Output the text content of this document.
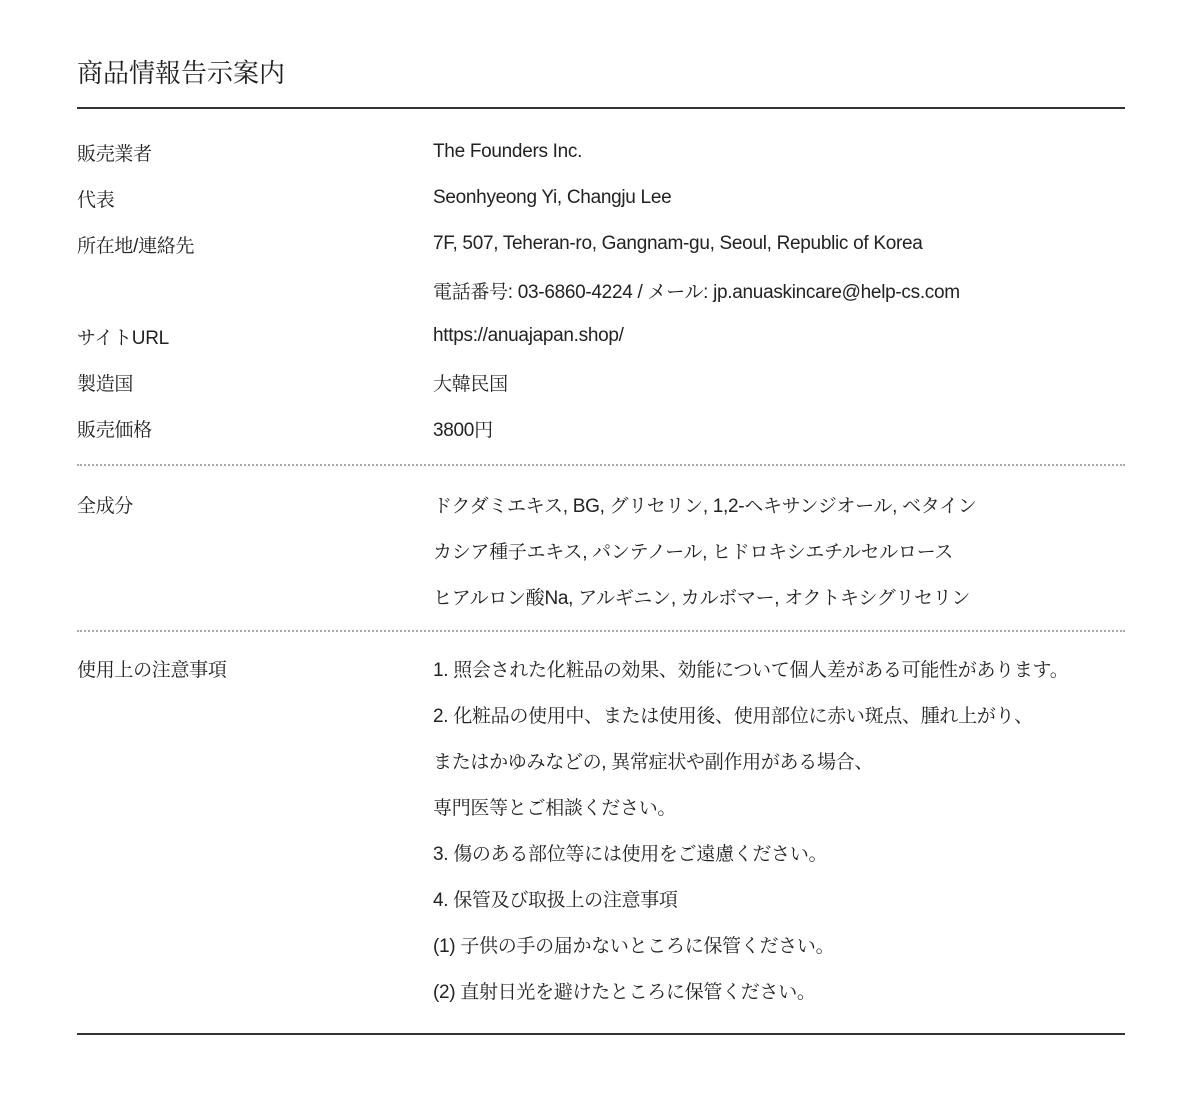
商品情報告示案内
販売業者	The Founders Inc.
代表	Seonhyeong Yi, Changju Lee
所在地/連絡先	7F, 507, Teheran-ro, Gangnam-gu, Seoul, Republic of Korea
電話番号: 03-6860-4224 / メール: jp.anuaskincare@help-cs.com
サイトURL	https://anuajapan.shop/
製造国	大韓民国
販売価格	3800円
全成分	ドクダミエキス, BG, グリセリン, 1,2-ヘキサンジオール, ベタイン
カシア種子エキス, パンテノール, ヒドロキシエチルセルロース
ヒアルロン酸Na, アルギニン, カルボマー, オクトキシグリセリン
使用上の注意事項	1. 照会された化粧品の効果、効能について個人差がある可能性があります。
2. 化粧品の使用中、または使用後、使用部位に赤い斑点、腫れ上がり、
またはかゆみなどの, 異常症状や副作用がある場合、
専門医等とご相談ください。
3. 傷のある部位等には使用をご遠慮ください。
4. 保管及び取扱上の注意事項
(1) 子供の手の届かないところに保管ください。
(2) 直射日光を避けたところに保管ください。
